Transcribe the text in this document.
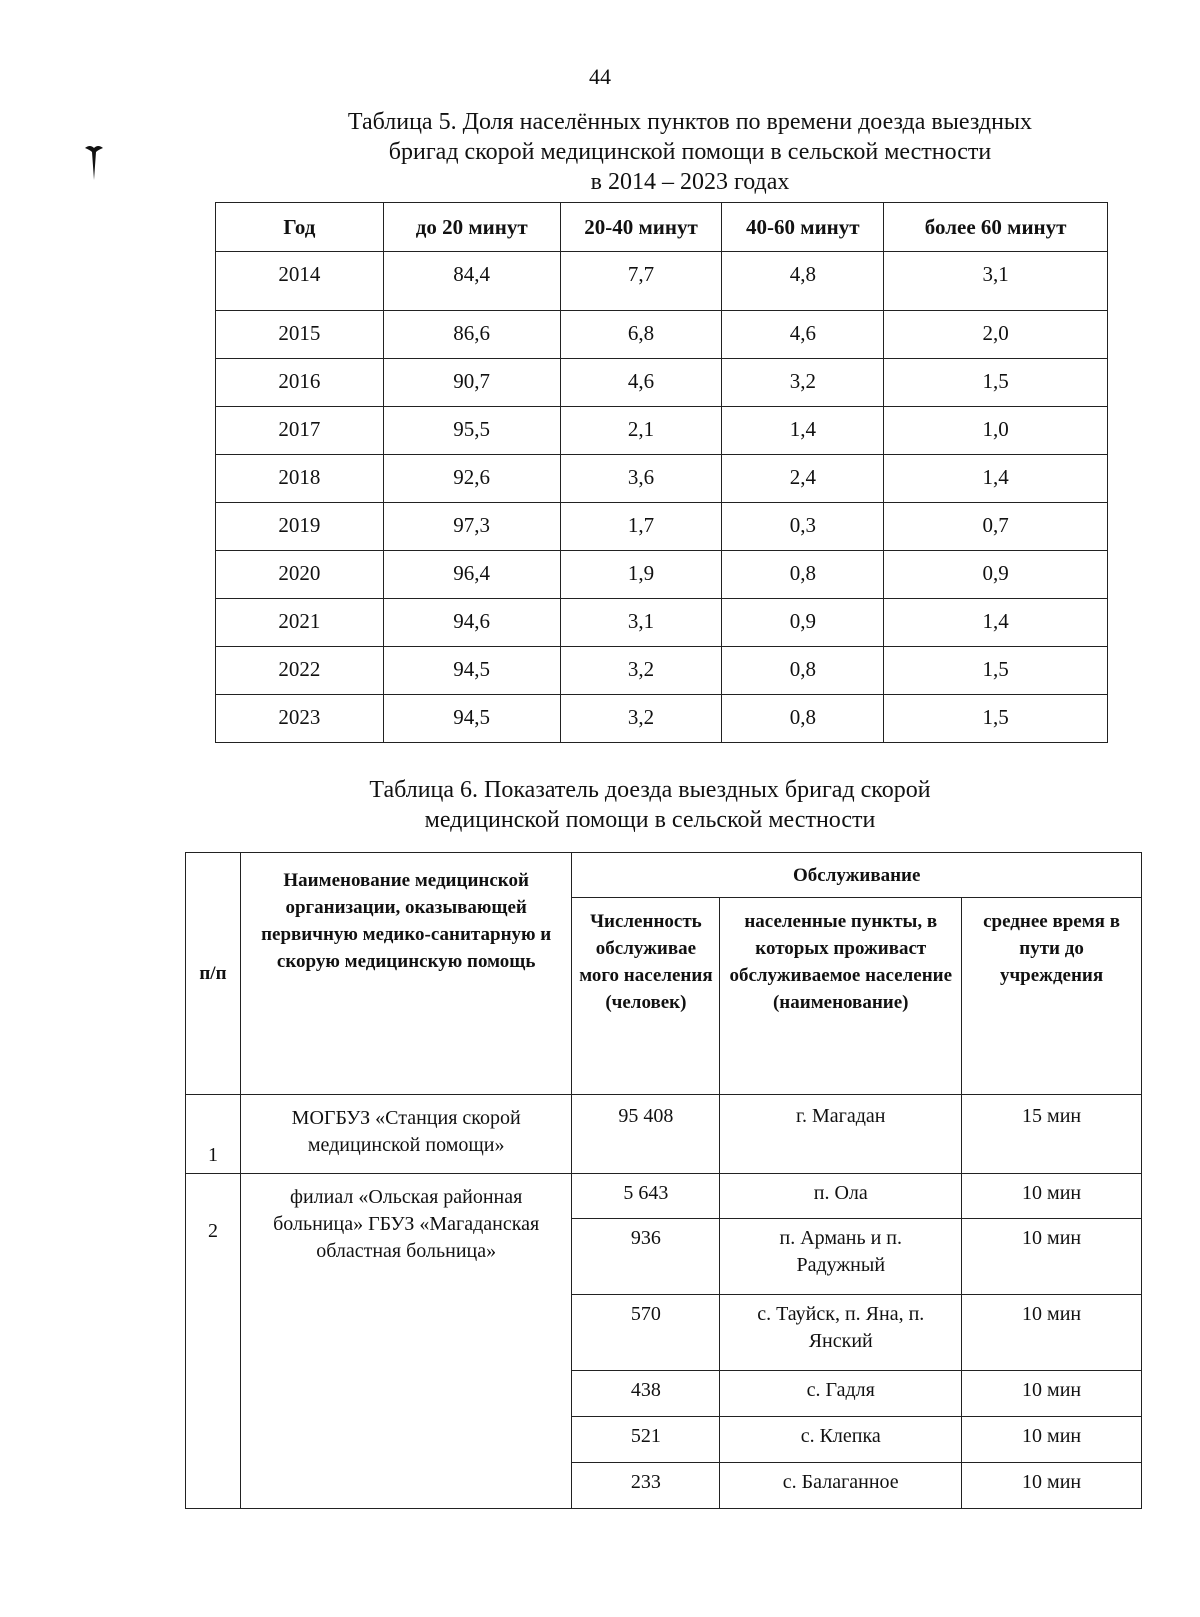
44
Таблица 5. Доля населённых пунктов по времени доезда выездных
бригад скорой медицинской помощи в сельской местности
в 2014 – 2023 годах
Год	до 20 минут	20-40 минут	40-60 минут	более 60 минут
2014	84,4	7,7	4,8	3,1
2015	86,6	6,8	4,6	2,0
2016	90,7	4,6	3,2	1,5
2017	95,5	2,1	1,4	1,0
2018	92,6	3,6	2,4	1,4
2019	97,3	1,7	0,3	0,7
2020	96,4	1,9	0,8	0,9
2021	94,6	3,1	0,9	1,4
2022	94,5	3,2	0,8	1,5
2023	94,5	3,2	0,8	1,5
Таблица 6. Показатель доезда выездных бригад скорой
медицинской помощи в сельской местности
п/п	Наименование медицинской организации, оказывающей первичную медико-санитарную и скорую медицинскую помощь	Обслуживание		
		Численность обслуживае мого населения (человек)	населенные пункты, в которых проживаст обслуживаемое население (наименование)	среднее время в пути до учреждения
1	МОГБУЗ «Станция скорой медицинской помощи»	95 408	г. Магадан	15 мин
2	филиал «Ольская районная больница» ГБУЗ «Магаданская областная больница»	5 643	п. Ола	10 мин
		936	п. Армань и п. Радужный	10 мин
		570	с. Тауйск, п. Яна, п. Янский	10 мин
		438	с. Гадля	10 мин
		521	с. Клепка	10 мин
		233	с. Балаганное	10 мин
